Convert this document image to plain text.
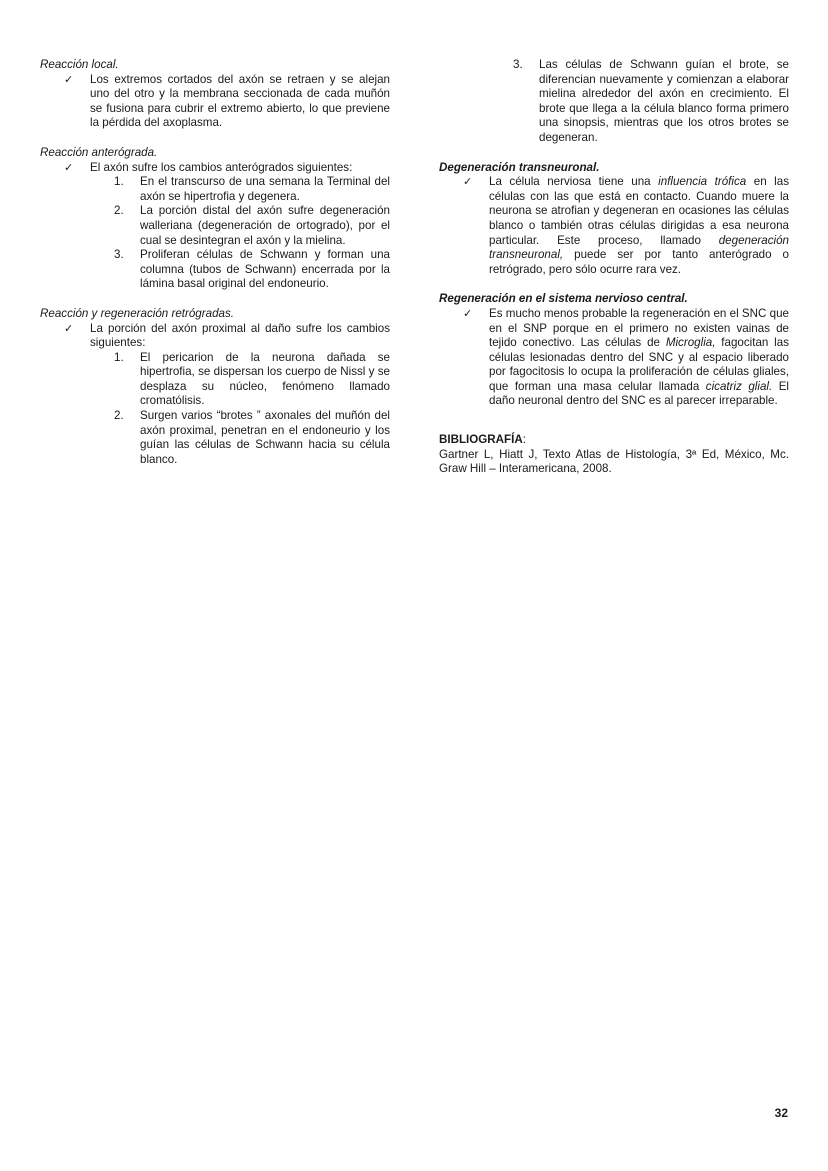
Reacción local.

✓ Los extremos cortados del axón se retraen y se alejan uno del otro y la membrana seccionada de cada muñón se fusiona para cubrir el extremo abierto, lo que previene la pérdida del axoplasma.

Reacción anterógrada.

✓ El axón sufre los cambios anterógrados siguientes:
1. En el transcurso de una semana la Terminal del axón se hipertrofia y degenera.
2. La porción distal del axón sufre degeneración walleriana (degeneración de ortogrado), por el cual se desintegran el axón y la mielina.
3. Proliferan células de Schwann y forman una columna (tubos de Schwann) encerrada por la lámina basal original del endoneurio.

Reacción y regeneración retrógradas.

✓ La porción del axón proximal al daño sufre los cambios siguientes:
1. El pericarion de la neurona dañada se hipertrofia, se dispersan los cuerpo de Nissl y se desplaza su núcleo, fenómeno llamado cromatólisis.
2. Surgen varios “brotes ” axonales del muñón del axón proximal, penetran en el endoneurio y los guían las células de Schwann hacia su célula blanco.
3. Las células de Schwann guían el brote, se diferencian nuevamente y comienzan a elaborar mielina alrededor del axón en crecimiento. El brote que llega a la célula blanco forma primero una sinopsis, mientras que los otros brotes se degeneran.

Degeneración transneuronal.

✓ La célula nerviosa tiene una influencia trófica en las células con las que está en contacto. Cuando muere la neurona se atrofian y degeneran en ocasiones las células blanco o también otras células dirigidas a esa neurona particular. Este proceso, llamado degeneración transneuronal, puede ser por tanto anterógrado o retrógrado, pero sólo ocurre rara vez.

Regeneración en el sistema nervioso central.

✓ Es mucho menos probable la regeneración en el SNC que en el SNP porque en el primero no existen vainas de tejido conectivo. Las células de Microglia, fagocitan las células lesionadas dentro del SNC y al espacio liberado por fagocitosis lo ocupa la proliferación de células gliales, que forman una masa celular llamada cicatriz glial. El daño neuronal dentro del SNC es al parecer irreparable.

BIBLIOGRAFÍA:

Gartner L, Hiatt J, Texto Atlas de Histología, 3ª Ed, México, Mc. Graw Hill – Interamericana, 2008.

32
